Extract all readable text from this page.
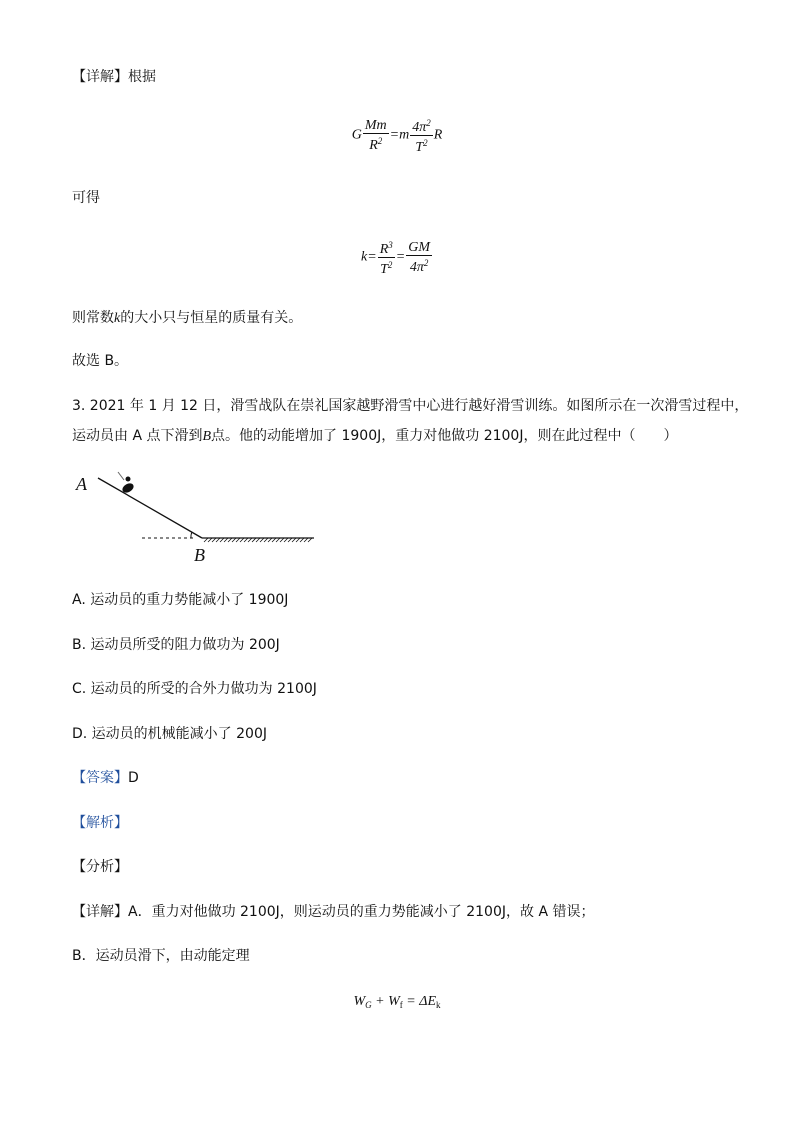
【详解】根据
G $\frac{Mm}{R^2} =m \frac{4\pi^2}{T^2}$ R
可得
$k= \frac{R^3}{T^2} = \frac{GM}{4\pi^2}$
则常数k的大小只与恒星的质量有关。
故选 B。
3. 2021 年 1 月 12 日，滑雪战队在崇礼国家越野滑雪中心进行越好滑雪训练。如图所示在一次滑雪过程中，
运动员由 A 点下滑到B点。他的动能增加了 1900J，重力对他做功 2100J，则在此过程中（　　）
A
B
A. 运动员的重力势能减小了 1900J
B. 运动员所受的阻力做功为 200J
C. 运动员的所受的合外力做功为 2100J
D. 运动员的机械能减小了 200J
【答案】D
【解析】
【分析】
【详解】A．重力对他做功 2100J，则运动员的重力势能减小了 2100J，故 A 错误；
B．运动员滑下，由动能定理
$W_G + W_f = \Delta E_k$
